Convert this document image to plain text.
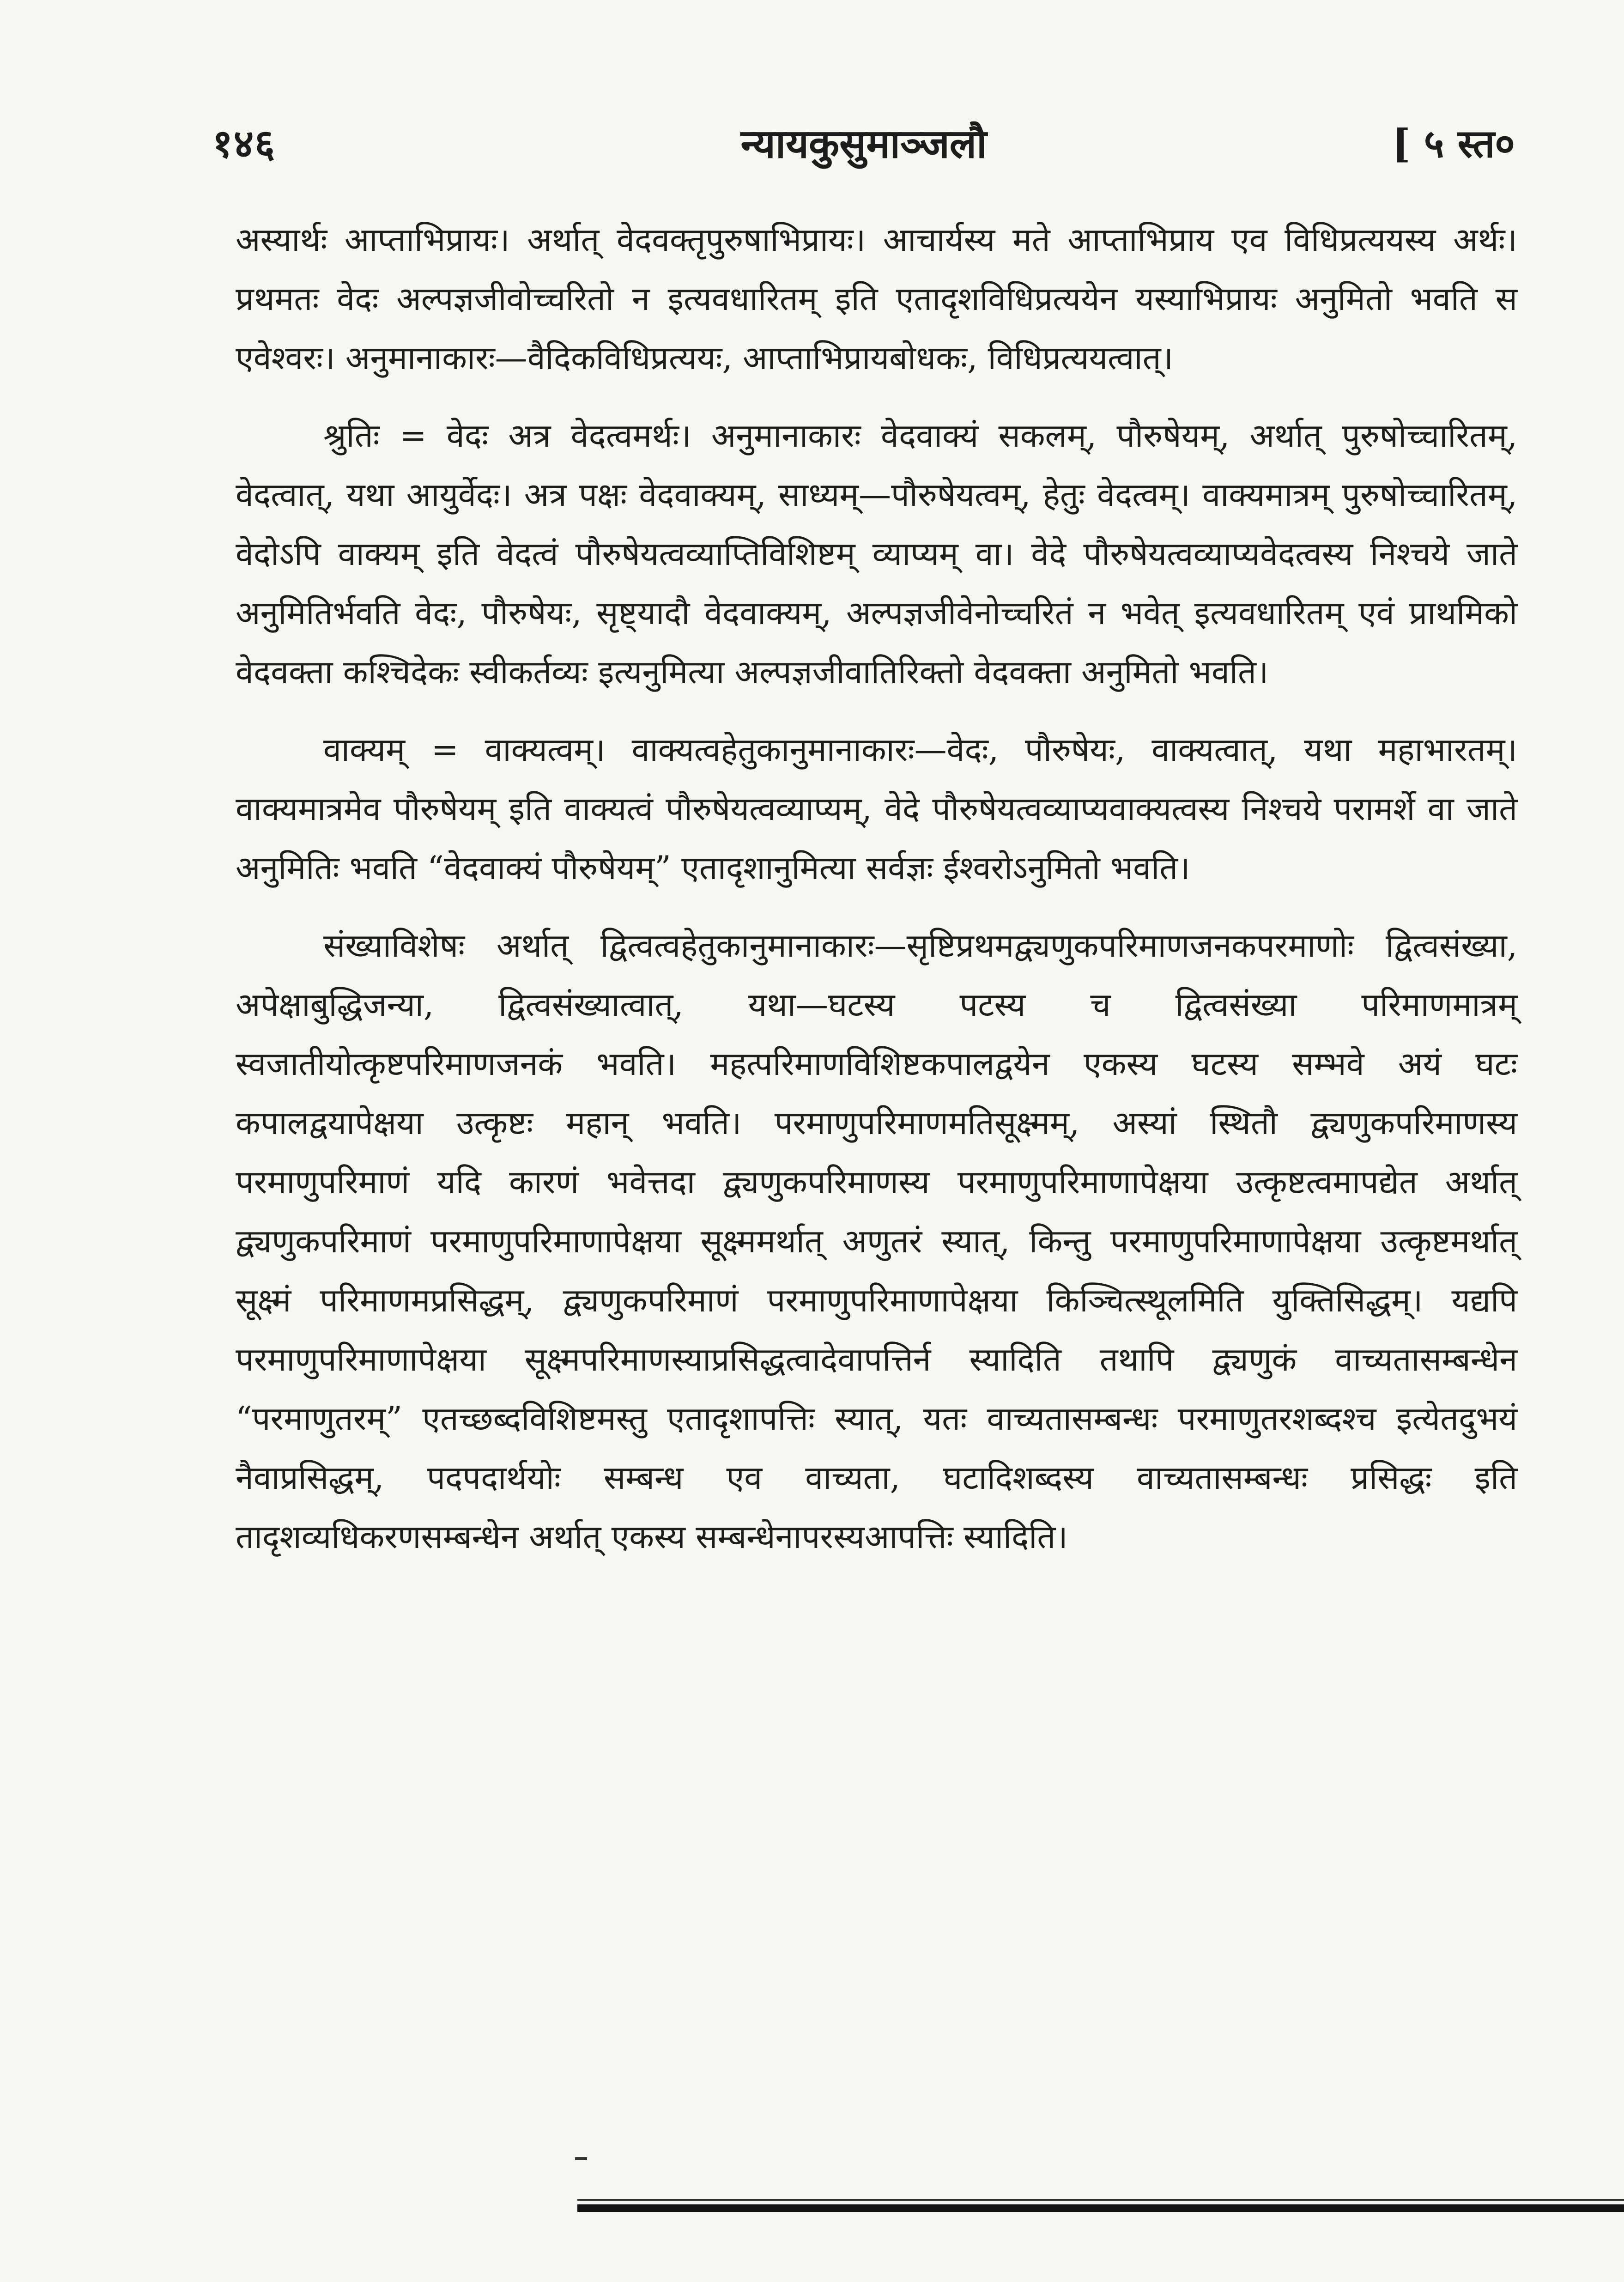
१४६	न्यायकुसुमाञ्जलौ	[ ५ स्त०

अस्यार्थः आप्ताभिप्रायः। अर्थात् वेदवक्तृपुरुषाभिप्रायः। आचार्यस्य मते आप्ताभिप्राय एव विधिप्रत्ययस्य अर्थः। प्रथमतः वेदः अल्पज्ञजीवोच्चरितो न इत्यवधारितम् इति एतादृशविधिप्रत्ययेन यस्याभिप्रायः अनुमितो भवति स एवेश्वरः। अनुमानाकारः—वैदिकविधिप्रत्ययः, आप्ताभिप्रायबोधकः, विधिप्रत्ययत्वात्।

श्रुतिः = वेदः अत्र वेदत्वमर्थः। अनुमानाकारः वेदवाक्यं सकलम्, पौरुषेयम्, अर्थात् पुरुषोच्चारितम्, वेदत्वात्, यथा आयुर्वेदः। अत्र पक्षः वेदवाक्यम्, साध्यम्—पौरुषेयत्वम्, हेतुः वेदत्वम्। वाक्यमात्रम् पुरुषोच्चारितम्, वेदोऽपि वाक्यम् इति वेदत्वं पौरुषेयत्वव्याप्तिविशिष्टम् व्याप्यम् वा। वेदे पौरुषेयत्वव्याप्यवेदत्वस्य निश्चये जाते अनुमितिर्भवति वेदः, पौरुषेयः, सृष्ट्यादौ वेदवाक्यम्, अल्पज्ञजीवेनोच्चरितं न भवेत् इत्यवधारितम् एवं प्राथमिको वेदवक्ता कश्चिदेकः स्वीकर्तव्यः इत्यनुमित्या अल्पज्ञजीवातिरिक्तो वेदवक्ता अनुमितो भवति।

वाक्यम् = वाक्यत्वम्। वाक्यत्वहेतुकानुमानाकारः—वेदः, पौरुषेयः, वाक्यत्वात्, यथा महाभारतम्। वाक्यमात्रमेव पौरुषेयम् इति वाक्यत्वं पौरुषेयत्वव्याप्यम्, वेदे पौरुषेयत्वव्याप्यवाक्यत्वस्य निश्चये परामर्शे वा जाते अनुमितिः भवति “वेदवाक्यं पौरुषेयम्” एतादृशानुमित्या सर्वज्ञः ईश्वरोऽनुमितो भवति।

संख्याविशेषः अर्थात् द्वित्वत्वहेतुकानुमानाकारः—सृष्टिप्रथमद्व्यणुकपरिमाणजनकपरमाणोः द्वित्वसंख्या, अपेक्षाबुद्धिजन्या, द्वित्वसंख्यात्वात्, यथा—घटस्य पटस्य च द्वित्वसंख्या परिमाणमात्रम् स्वजातीयोत्कृष्टपरिमाणजनकं भवति। महत्परिमाणविशिष्टकपालद्वयेन एकस्य घटस्य सम्भवे अयं घटः कपालद्वयापेक्षया उत्कृष्टः महान् भवति। परमाणुपरिमाणमतिसूक्ष्मम्, अस्यां स्थितौ द्व्यणुकपरिमाणस्य परमाणुपरिमाणं यदि कारणं भवेत्तदा द्व्यणुकपरिमाणस्य परमाणुपरिमाणापेक्षया उत्कृष्टत्वमापद्येत अर्थात् द्व्यणुकपरिमाणं परमाणुपरिमाणापेक्षया सूक्ष्ममर्थात् अणुतरं स्यात्, किन्तु परमाणुपरिमाणापेक्षया उत्कृष्टमर्थात् सूक्ष्मं परिमाणमप्रसिद्धम्, द्व्यणुकपरिमाणं परमाणुपरिमाणापेक्षया किञ्चित्स्थूलमिति युक्तिसिद्धम्। यद्यपि परमाणुपरिमाणापेक्षया सूक्ष्मपरिमाणस्याप्रसिद्धत्वादेवापत्तिर्न स्यादिति तथापि द्व्यणुकं वाच्यतासम्बन्धेन “परमाणुतरम्” एतच्छब्दविशिष्टमस्तु एतादृशापत्तिः स्यात्, यतः वाच्यतासम्बन्धः परमाणुतरशब्दश्च इत्येतदुभयं नैवाप्रसिद्धम्, पदपदार्थयोः सम्बन्ध एव वाच्यता, घटादिशब्दस्य वाच्यतासम्बन्धः प्रसिद्धः इति तादृशव्यधिकरणसम्बन्धेन अर्थात् एकस्य सम्बन्धेनापरस्यआपत्तिः स्यादिति।
